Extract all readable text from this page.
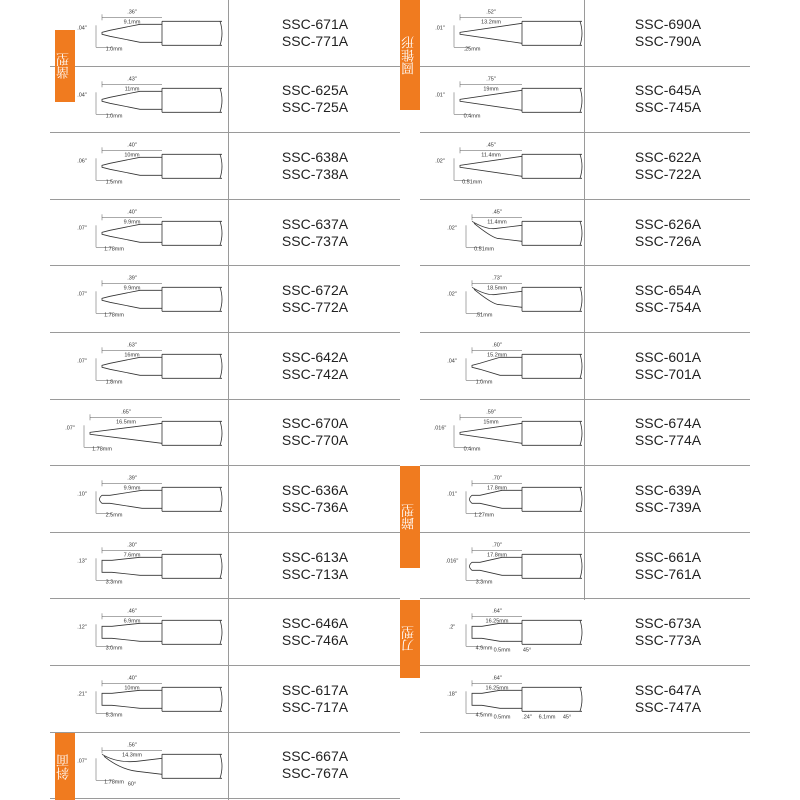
.36"
9.1mm
.04"
1.0mm
SSC-671A
SSC-771A
.43"
11mm
.04"
1.0mm
SSC-625A
SSC-725A
.40"
10mm
.06"
1.5mm
SSC-638A
SSC-738A
.40"
9.9mm
.07"
1.78mm
SSC-637A
SSC-737A
.39"
9.9mm
.07"
1.78mm
SSC-672A
SSC-772A
.63"
16mm
.07"
1.8mm
SSC-642A
SSC-742A
.65"
16.5mm
.07"
1.78mm
SSC-670A
SSC-770A
.39"
9.9mm
.10"
2.5mm
SSC-636A
SSC-736A
.30"
7.6mm
.13"
3.3mm
SSC-613A
SSC-713A
.46"
6.9mm
.12"
3.0mm
SSC-646A
SSC-746A
.40"
10mm
.21"
5.3mm
SSC-617A
SSC-717A
.56"
14.3mm
.07"
1.78mm 60°
SSC-667A
SSC-767A
.52"
13.2mm
.01"
.25mm
SSC-690A
SSC-790A
.75"
19mm
.01"
0.4mm
SSC-645A
SSC-745A
.45"
11.4mm
.02"
0.51mm
SSC-622A
SSC-722A
.45"
11.4mm
.02"
0.51mm
SSC-626A
SSC-726A
.73"
18.5mm
.02"
.51mm
SSC-654A
SSC-754A
.60"
15.2mm
.04"
1.0mm
SSC-601A
SSC-701A
.59"
15mm
.016"
0.4mm
SSC-674A
SSC-774A
.70"
17.8mm
.01"
1.27mm
SSC-639A
SSC-739A
.70"
17.8mm
.016"
3.3mm
SSC-661A
SSC-761A
.64"
16.25mm
.2"
4.9mm 0.5mm 45°
SSC-673A
SSC-773A
.64"
16.25mm
.18"
4.5mm 0.5mm .24" 6.1mm 45°
SSC-647A
SSC-747A
凿型
斜面
圆锥形
蹄型
刀型
